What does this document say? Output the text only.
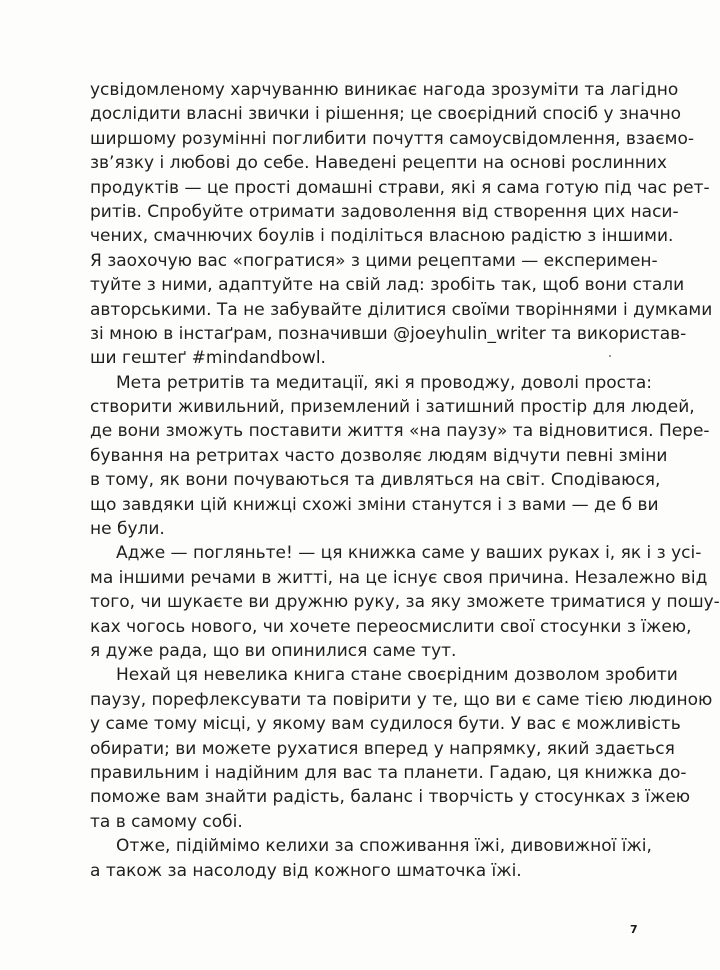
усвідомленому харчуванню виникає нагода зрозуміти та лагідно
дослідити власні звички і рішення; це своєрідний спосіб у значно
ширшому розумінні поглибити почуття самоусвідомлення, взаємо-
зв’язку і любові до себе. Наведені рецепти на основі рослинних
продуктів — це прості домашні страви, які я сама готую під час рет-
ритів. Спробуйте отримати задоволення від створення цих наси-
чених, смачнючих боулів і поділіться власною радістю з іншими.
Я заохочую вас «погратися» з цими рецептами — експеримен-
туйте з ними, адаптуйте на свій лад: зробіть так, щоб вони стали
авторськими. Та не забувайте ділитися своїми творіннями і думками
зі мною в інстаґрам, позначивши @joeyhulin_writer та використав-
ши гештеґ #mindandbowl.
Мета ретритів та медитації, які я проводжу, доволі проста:
створити живильний, приземлений і затишний простір для людей,
де вони зможуть поставити життя «на паузу» та відновитися. Пере-
бування на ретритах часто дозволяє людям відчути певні зміни
в тому, як вони почуваються та дивляться на світ. Сподіваюся,
що завдяки цій книжці схожі зміни станутся і з вами — де б ви
не були.
Адже — погляньте! — ця книжка саме у ваших руках і, як і з усі-
ма іншими речами в житті, на це існує своя причина. Незалежно від
того, чи шукаєте ви дружню руку, за яку зможете триматися у пошу-
ках чогось нового, чи хочете переосмислити свої стосунки з їжею,
я дуже рада, що ви опинилися саме тут.
Нехай ця невелика книга стане своєрідним дозволом зробити
паузу, порефлексувати та повірити у те, що ви є саме тією людиною
у саме тому місці, у якому вам судилося бути. У вас є можливість
обирати; ви можете рухатися вперед у напрямку, який здається
правильним і надійним для вас та планети. Гадаю, ця книжка до-
поможе вам знайти радість, баланс і творчість у стосунках з їжею
та в самому собі.
Отже, підіймімо келихи за споживання їжі, дивовижної їжі,
а також за насолоду від кожного шматочка їжі.
7
